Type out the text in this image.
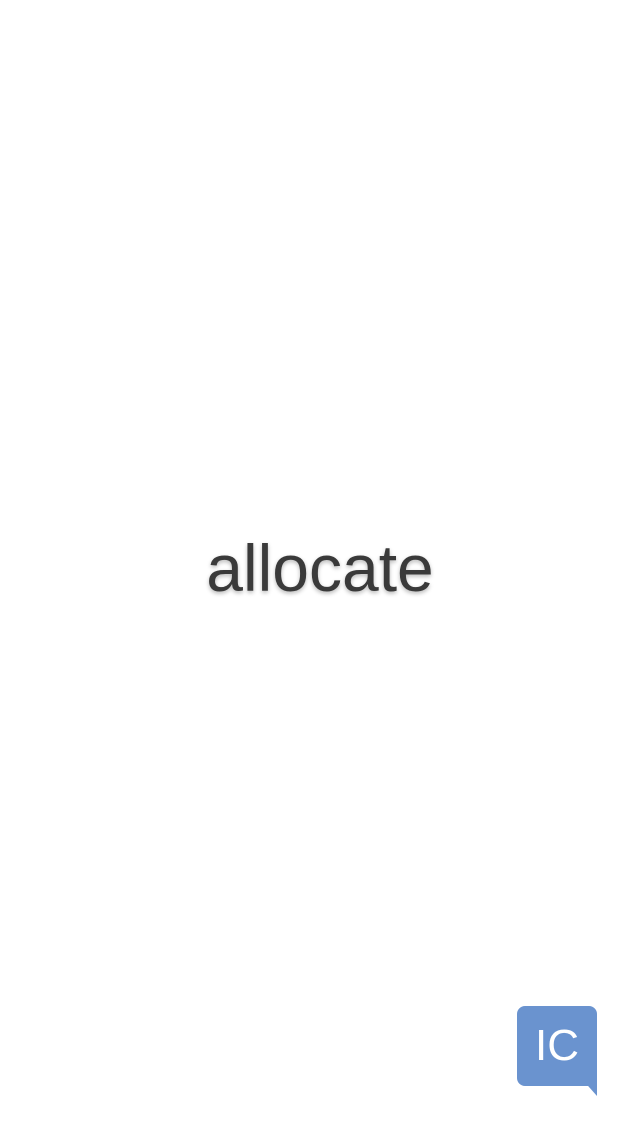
allocate
IC
